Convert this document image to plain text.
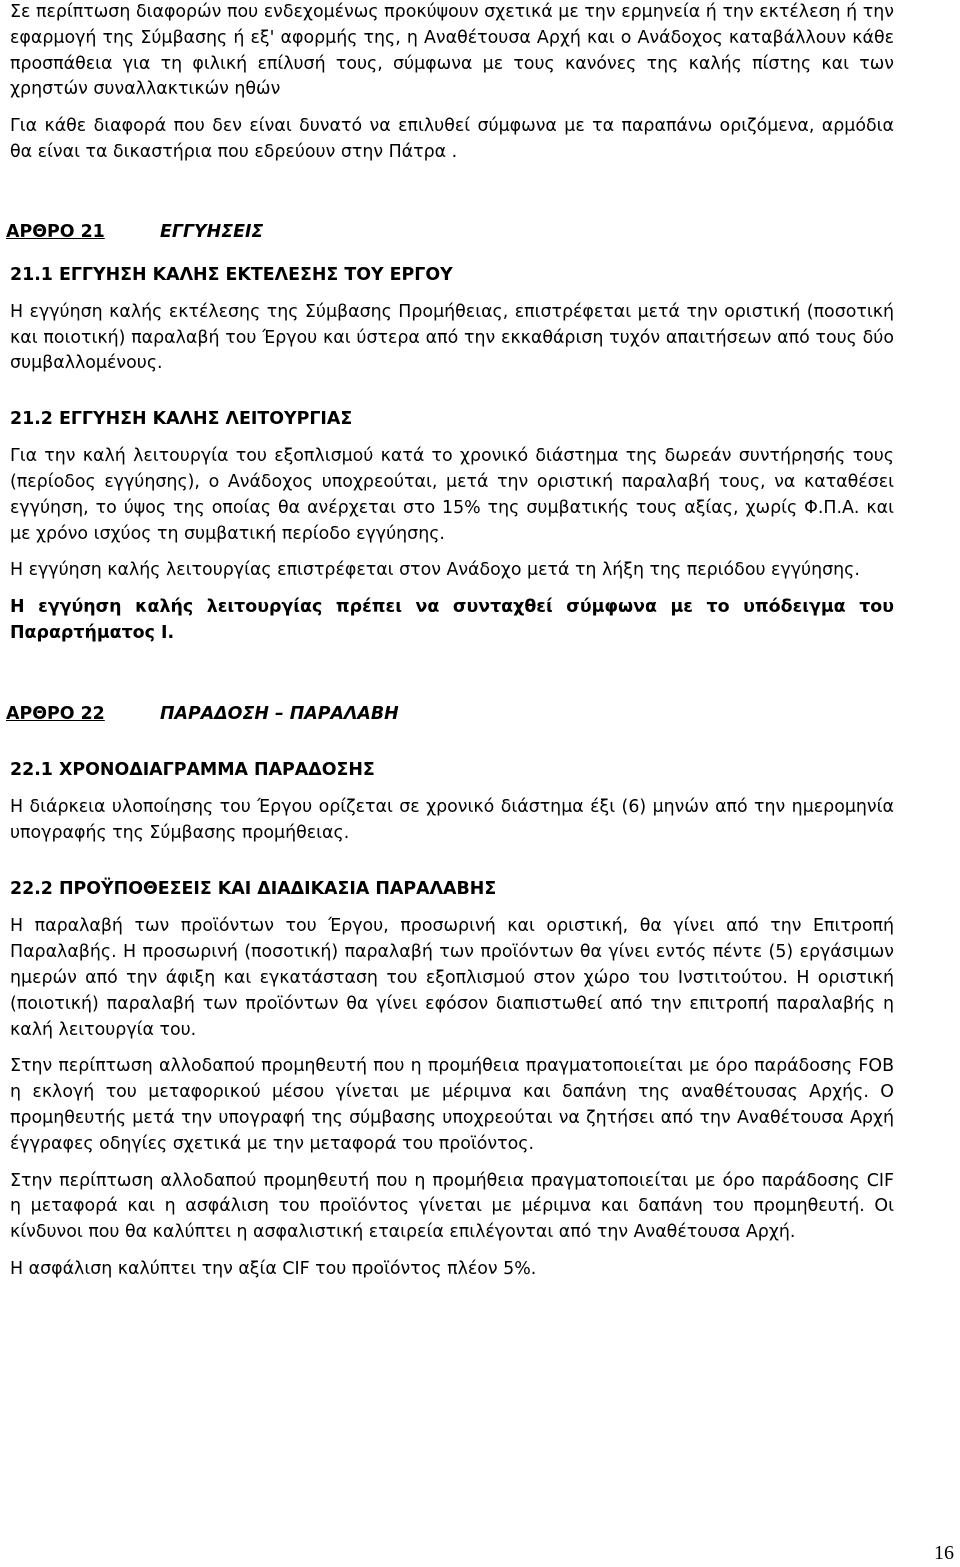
Σε περίπτωση διαφορών που ενδεχομένως προκύψουν σχετικά με την ερμηνεία ή την εκτέλεση ή την εφαρμογή της Σύμβασης ή εξ' αφορμής της, η Αναθέτουσα Αρχή και ο Ανάδοχος καταβάλλουν κάθε προσπάθεια για τη φιλική επίλυσή τους, σύμφωνα με τους κανόνες της καλής πίστης και των χρηστών συναλλακτικών ηθών

Για κάθε διαφορά που δεν είναι δυνατό να επιλυθεί σύμφωνα με τα παραπάνω οριζόμενα, αρμόδια θα είναι τα δικαστήρια που εδρεύουν στην Πάτρα .

ΑΡΘΡΟ 21	ΕΓΓΥΗΣΕΙΣ

21.1 ΕΓΓΥΗΣΗ ΚΑΛΗΣ ΕΚΤΕΛΕΣΗΣ ΤΟΥ ΕΡΓΟΥ

Η εγγύηση καλής εκτέλεσης της Σύμβασης Προμήθειας, επιστρέφεται μετά την οριστική (ποσοτική και ποιοτική) παραλαβή του Έργου και ύστερα από την εκκαθάριση τυχόν απαιτήσεων από τους δύο συμβαλλομένους.

21.2 ΕΓΓΥΗΣΗ ΚΑΛΗΣ ΛΕΙΤΟΥΡΓΙΑΣ

Για την καλή λειτουργία του εξοπλισμού κατά το χρονικό διάστημα της δωρεάν συντήρησής τους (περίοδος εγγύησης), ο Ανάδοχος υποχρεούται, μετά την οριστική παραλαβή τους, να καταθέσει εγγύηση, το ύψος της οποίας θα ανέρχεται στο 15% της συμβατικής τους αξίας, χωρίς Φ.Π.Α. και με χρόνο ισχύος τη συμβατική περίοδο εγγύησης.

Η εγγύηση καλής λειτουργίας επιστρέφεται στον Ανάδοχο μετά τη λήξη της περιόδου εγγύησης.

Η εγγύηση καλής λειτουργίας πρέπει να συνταχθεί σύμφωνα με το υπόδειγμα του Παραρτήματος Ι.

ΑΡΘΡΟ 22	ΠΑΡΑΔΟΣΗ – ΠΑΡΑΛΑΒΗ

22.1 ΧΡΟΝΟΔΙΑΓΡΑΜΜΑ ΠΑΡΑΔΟΣΗΣ

Η διάρκεια υλοποίησης του Έργου ορίζεται σε χρονικό διάστημα έξι (6) μηνών από την ημερομηνία υπογραφής της Σύμβασης προμήθειας.

22.2 ΠΡΟΫΠΟΘΕΣΕΙΣ ΚΑΙ ΔΙΑΔΙΚΑΣΙΑ ΠΑΡΑΛΑΒΗΣ

Η παραλαβή των προϊόντων του Έργου, προσωρινή και οριστική, θα γίνει από την Επιτροπή Παραλαβής. Η προσωρινή (ποσοτική) παραλαβή των προϊόντων θα γίνει εντός πέντε (5) εργάσιμων ημερών από την άφιξη και εγκατάσταση του εξοπλισμού στον χώρο του Ινστιτούτου. Η οριστική (ποιοτική) παραλαβή των προϊόντων θα γίνει εφόσον διαπιστωθεί από την επιτροπή παραλαβής η καλή λειτουργία του.

Στην περίπτωση αλλοδαπού προμηθευτή που η προμήθεια πραγματοποιείται με όρο παράδοσης FOB η εκλογή του μεταφορικού μέσου γίνεται με μέριμνα και δαπάνη της αναθέτουσας Αρχής. Ο προμηθευτής μετά την υπογραφή της σύμβασης υποχρεούται να ζητήσει από την Αναθέτουσα Αρχή έγγραφες οδηγίες σχετικά με την μεταφορά του προϊόντος.

Στην περίπτωση αλλοδαπού προμηθευτή που η προμήθεια πραγματοποιείται με όρο παράδοσης CIF η μεταφορά και η ασφάλιση του προϊόντος γίνεται με μέριμνα και δαπάνη του προμηθευτή. Οι κίνδυνοι που θα καλύπτει η ασφαλιστική εταιρεία επιλέγονται από την Αναθέτουσα Αρχή.

Η ασφάλιση καλύπτει την αξία CIF του προϊόντος πλέον 5%.

16
